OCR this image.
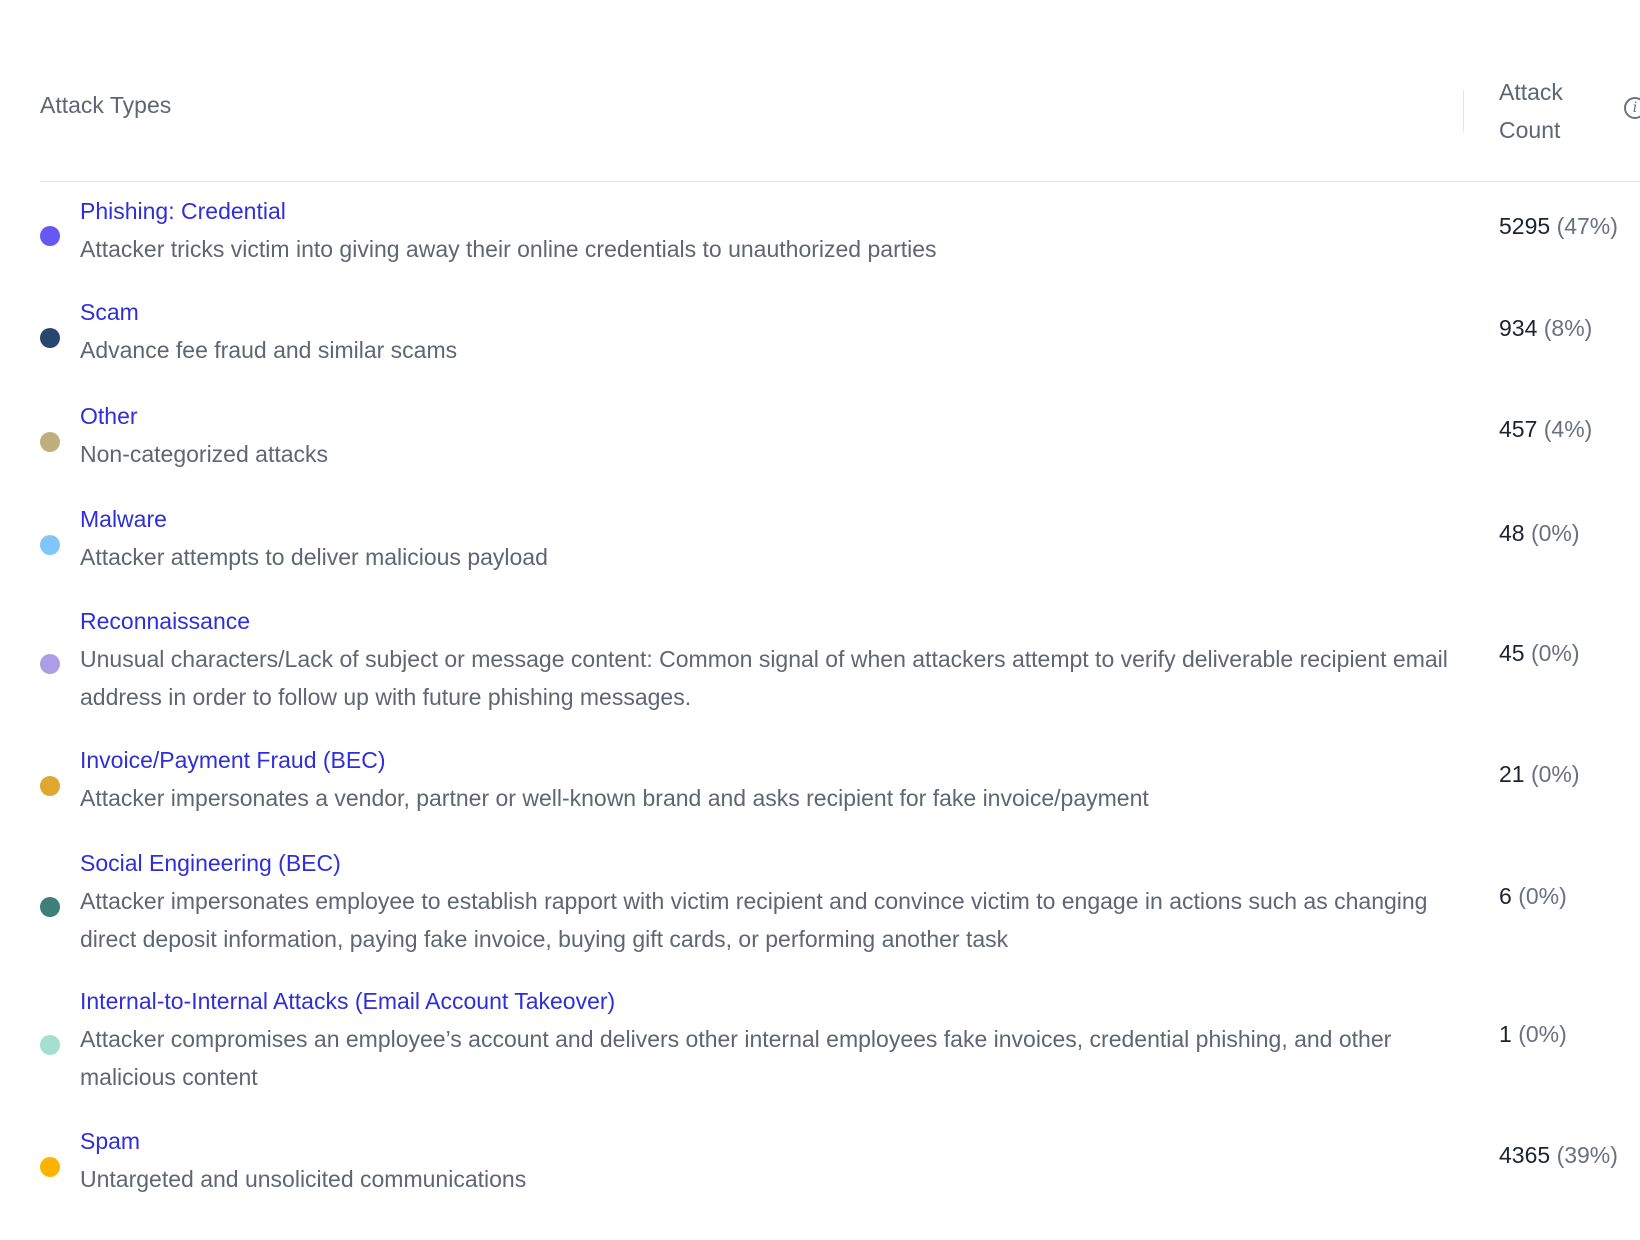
Attack Types	Attack
Count
i
Phishing: Credential
Attacker tricks victim into giving away their online credentials to unauthorized parties
5295 (47%)
Scam
Advance fee fraud and similar scams
934 (8%)
Other
Non-categorized attacks
457 (4%)
Malware
Attacker attempts to deliver malicious payload
48 (0%)
Reconnaissance
Unusual characters/Lack of subject or message content: Common signal of when attackers attempt to verify deliverable recipient email address in order to follow up with future phishing messages.
45 (0%)
Invoice/Payment Fraud (BEC)
Attacker impersonates a vendor, partner or well-known brand and asks recipient for fake invoice/payment
21 (0%)
Social Engineering (BEC)
Attacker impersonates employee to establish rapport with victim recipient and convince victim to engage in actions such as changing direct deposit information, paying fake invoice, buying gift cards, or performing another task
6 (0%)
Internal-to-Internal Attacks (Email Account Takeover)
Attacker compromises an employee’s account and delivers other internal employees fake invoices, credential phishing, and other malicious content
1 (0%)
Spam
Untargeted and unsolicited communications
4365 (39%)
